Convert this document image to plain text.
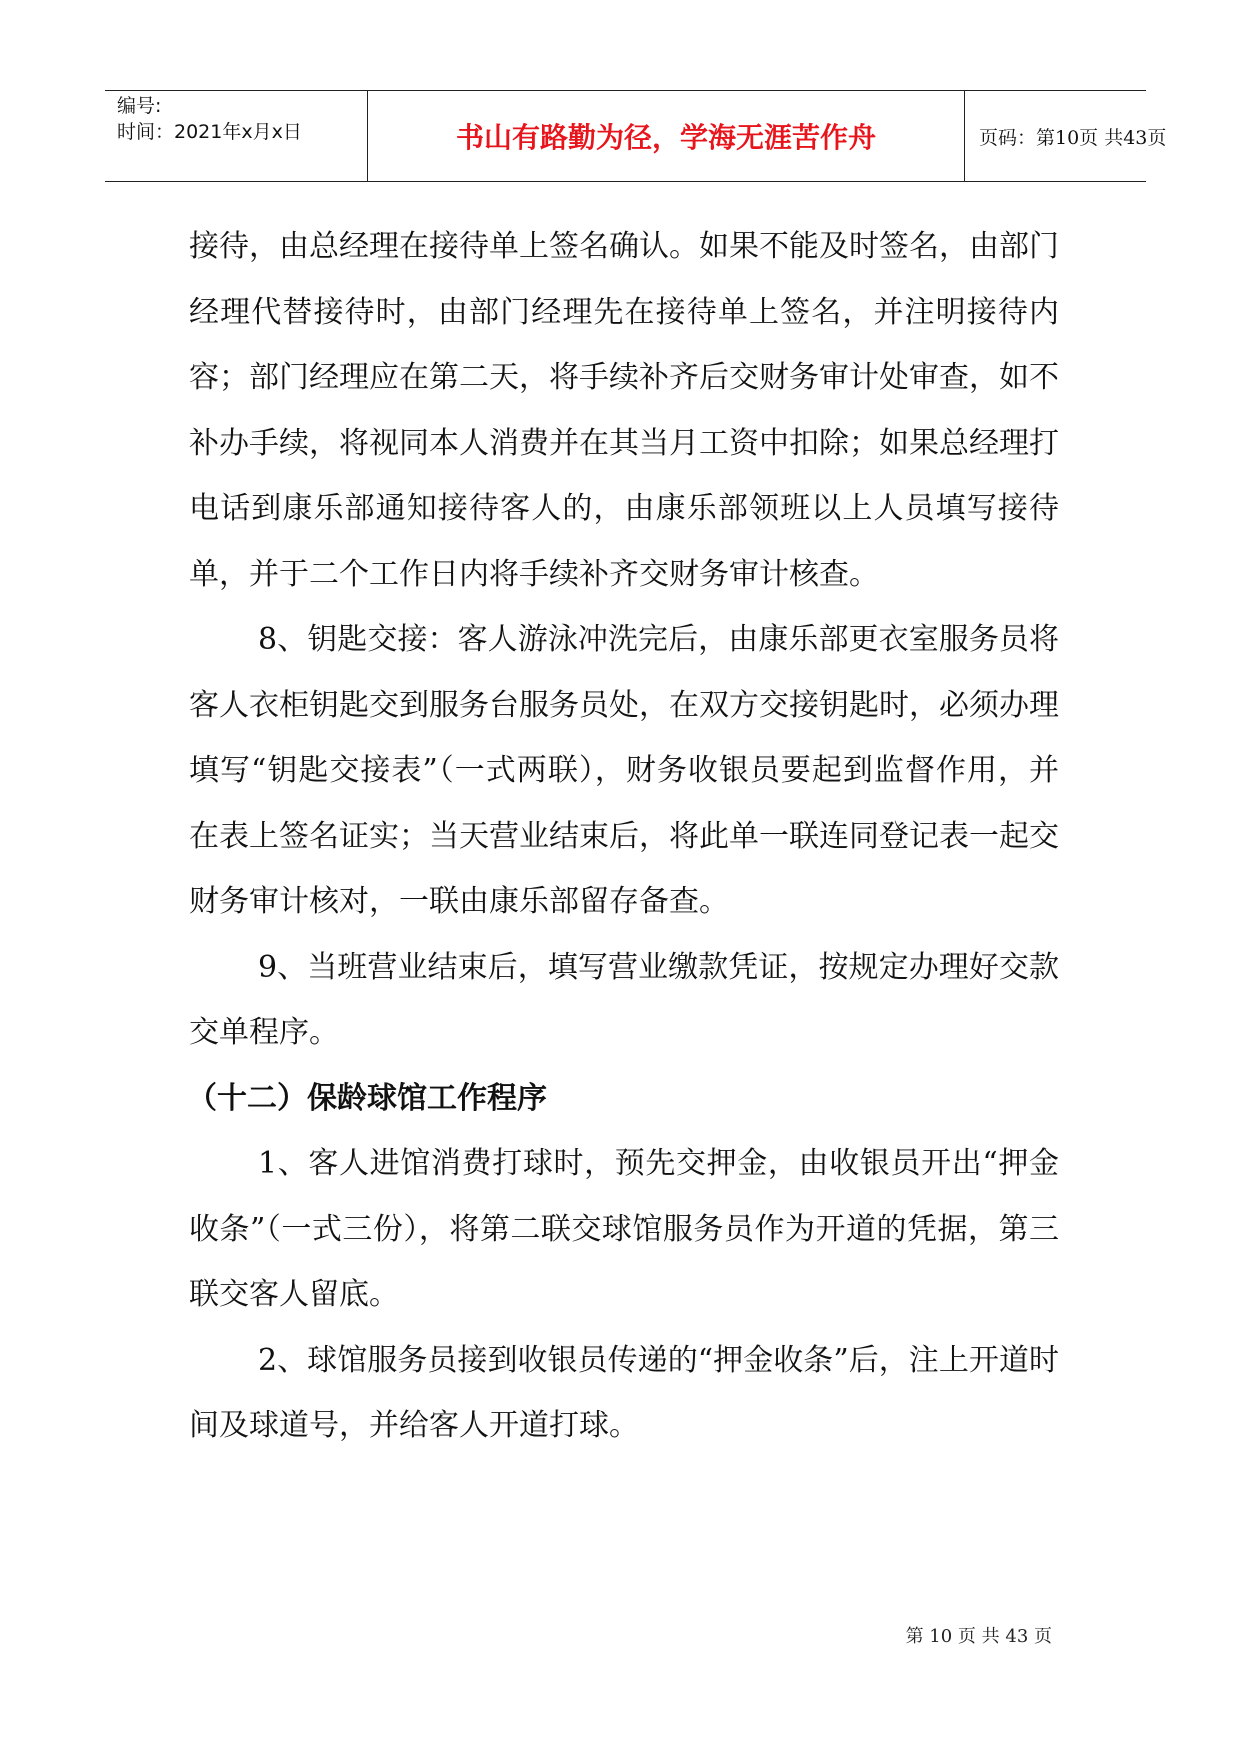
编号:
时间：2021年x月x日	书山有路勤为径，学海无涯苦作舟	页码：第10页 共43页

接待，由总经理在接待单上签名确认。如果不能及时签名，由部门经理代替接待时，由部门经理先在接待单上签名，并注明接待内容；部门经理应在第二天，将手续补齐后交财务审计处审查，如不补办手续，将视同本人消费并在其当月工资中扣除；如果总经理打电话到康乐部通知接待客人的，由康乐部领班以上人员填写接待单，并于二个工作日内将手续补齐交财务审计核查。

8、钥匙交接：客人游泳冲洗完后，由康乐部更衣室服务员将客人衣柜钥匙交到服务台服务员处，在双方交接钥匙时，必须办理填写“钥匙交接表”（一式两联），财务收银员要起到监督作用，并在表上签名证实；当天营业结束后，将此单一联连同登记表一起交财务审计核对，一联由康乐部留存备查。

9、当班营业结束后，填写营业缴款凭证，按规定办理好交款交单程序。

（十二）保龄球馆工作程序

1、客人进馆消费打球时，预先交押金，由收银员开出“押金收条”（一式三份），将第二联交球馆服务员作为开道的凭据，第三联交客人留底。

2、球馆服务员接到收银员传递的“押金收条”后，注上开道时间及球道号，并给客人开道打球。

第 10 页 共 43 页
